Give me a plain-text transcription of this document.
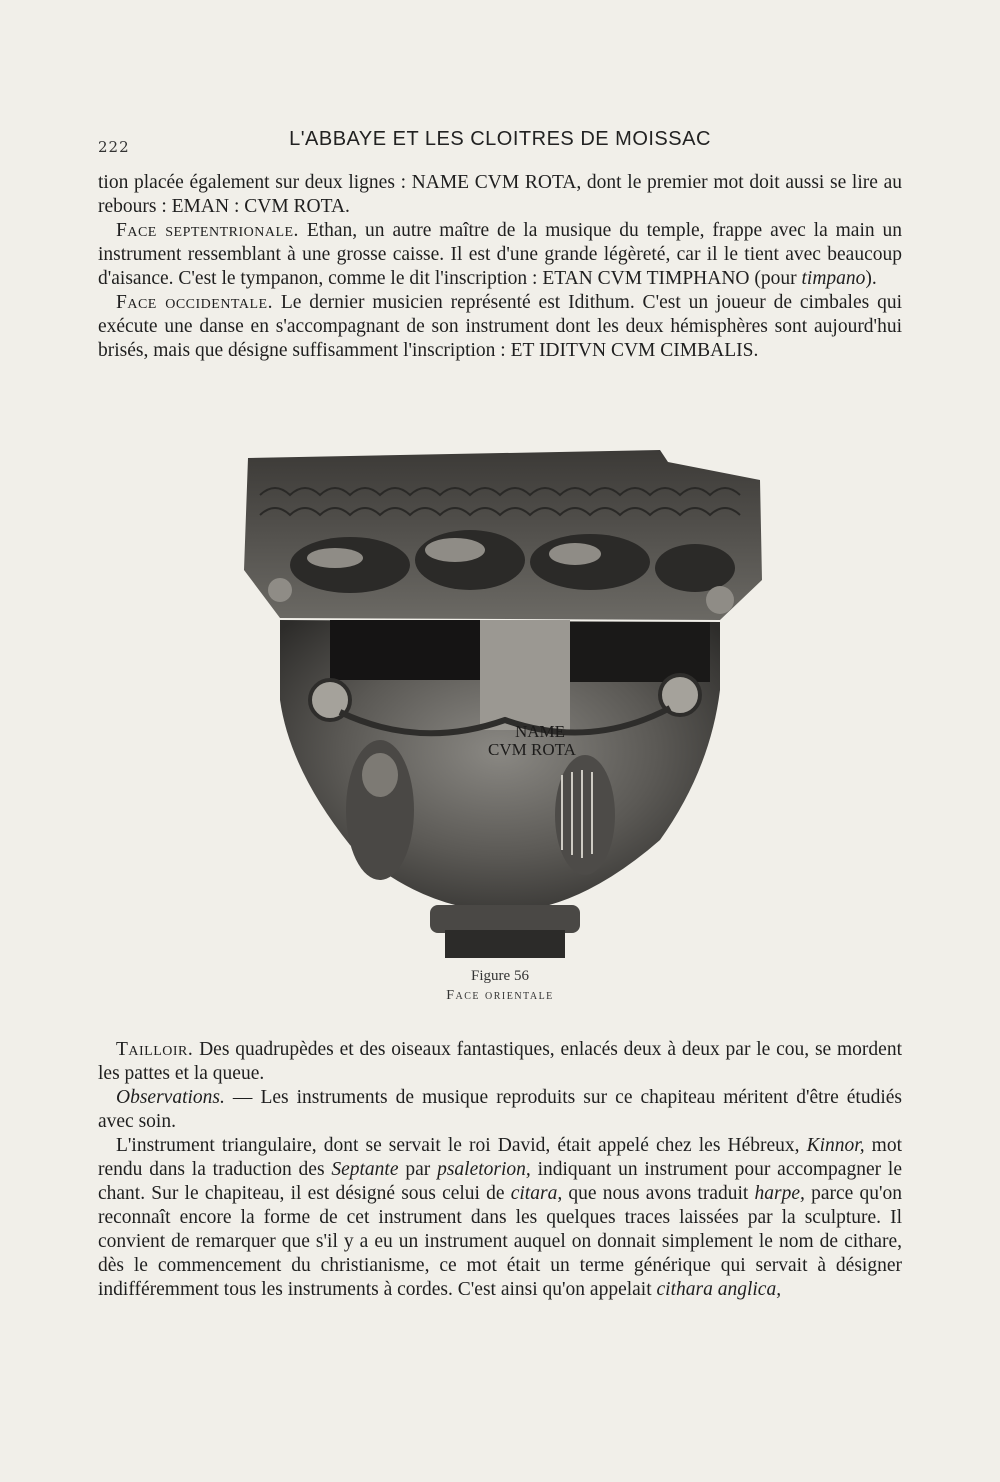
222	L'ABBAYE ET LES CLOITRES DE MOISSAC

tion placée également sur deux lignes : NAME CVM ROTA, dont le premier mot doit aussi se lire au rebours : EMAN : CVM ROTA.

Face septentrionale. Ethan, un autre maître de la musique du temple, frappe avec la main un instrument ressemblant à une grosse caisse. Il est d'une grande légèreté, car il le tient avec beaucoup d'aisance. C'est le tympanon, comme le dit l'inscription : ETAN CVM TIMPHANO (pour timpano).

Face occidentale. Le dernier musicien représenté est Idithum. C'est un joueur de cimbales qui exécute une danse en s'accompagnant de son instrument dont les deux hémisphères sont aujourd'hui brisés, mais que désigne suffisamment l'inscription : ET IDITVN CVM CIMBALIS.

NAME
CVM ROTA
Figure 56
Face orientale

Tailloir. Des quadrupèdes et des oiseaux fantastiques, enlacés deux à deux par le cou, se mordent les pattes et la queue.

Observations. — Les instruments de musique reproduits sur ce chapiteau méritent d'être étudiés avec soin.

L'instrument triangulaire, dont se servait le roi David, était appelé chez les Hébreux, Kinnor, mot rendu dans la traduction des Septante par psaletorion, indiquant un instrument pour accompagner le chant. Sur le chapiteau, il est désigné sous celui de citara, que nous avons traduit harpe, parce qu'on reconnaît encore la forme de cet instrument dans les quelques traces laissées par la sculpture. Il convient de remarquer que s'il y a eu un instrument auquel on donnait simplement le nom de cithare, dès le commencement du christianisme, ce mot était un terme générique qui servait à désigner indifféremment tous les instruments à cordes. C'est ainsi qu'on appelait cithara anglica,
